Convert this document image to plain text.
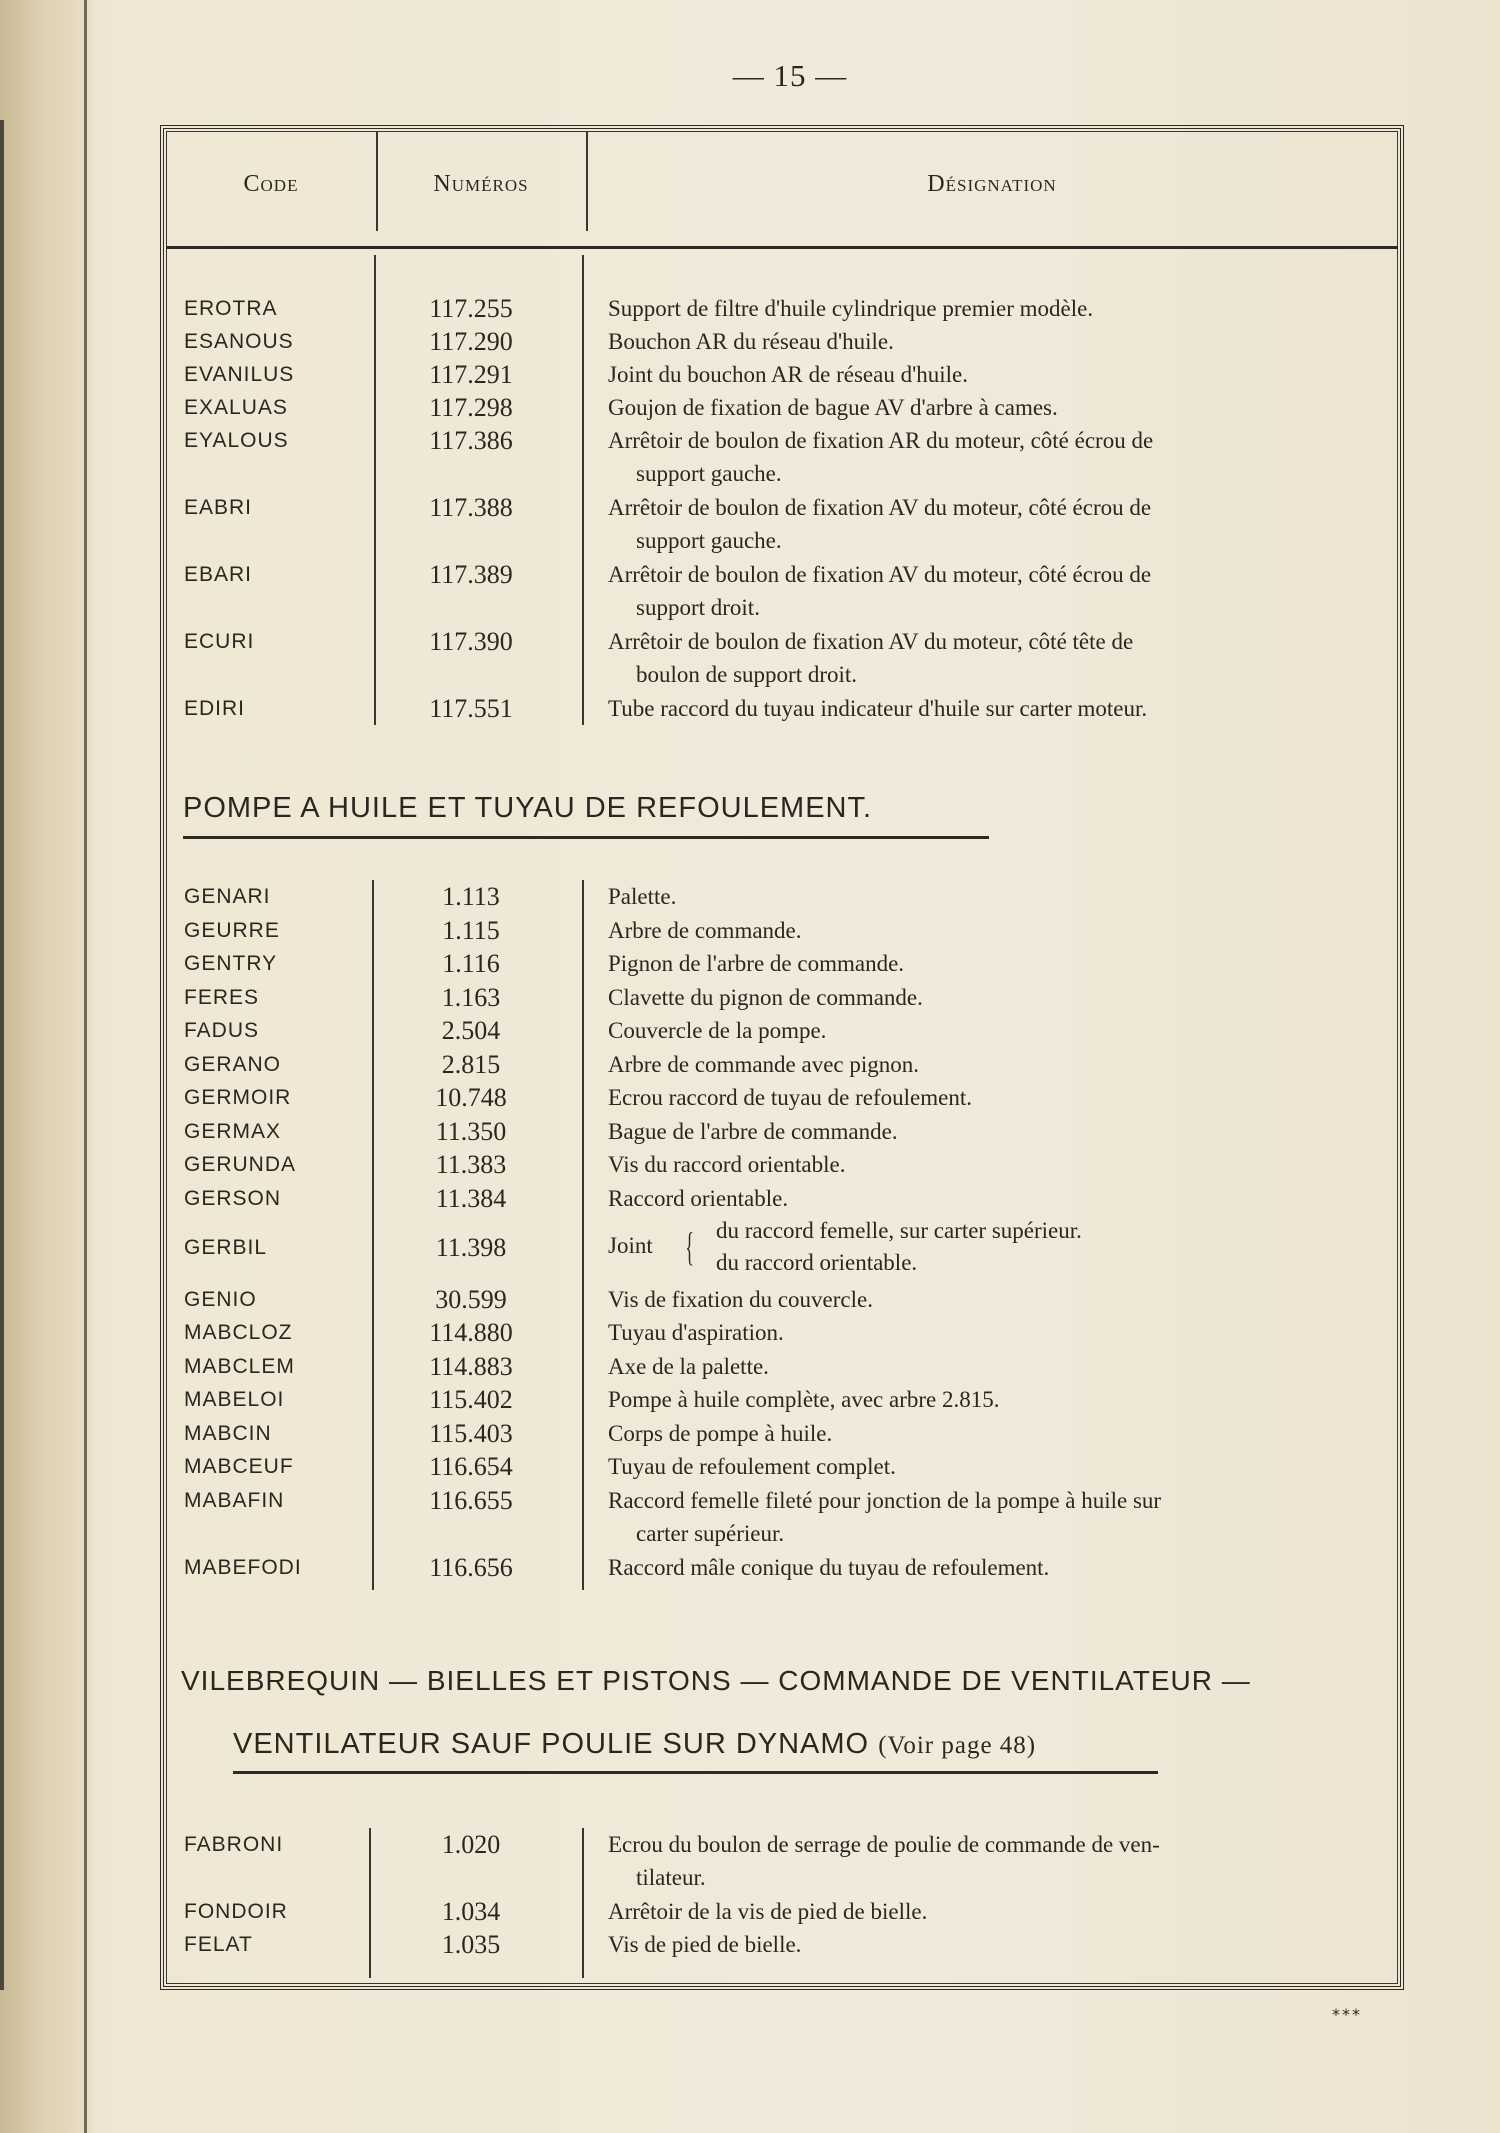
— 15 —
Code	Numéros	Désignation
EROTRA	117.255	Support de filtre d'huile cylindrique premier modèle.
ESANOUS	117.290	Bouchon AR du réseau d'huile.
EVANILUS	117.291	Joint du bouchon AR de réseau d'huile.
EXALUAS	117.298	Goujon de fixation de bague AV d'arbre à cames.
EYALOUS	117.386	Arrêtoir de boulon de fixation AR du moteur, côté écrou de
support gauche.
EABRI	117.388	Arrêtoir de boulon de fixation AV du moteur, côté écrou de
support gauche.
EBARI	117.389	Arrêtoir de boulon de fixation AV du moteur, côté écrou de
support droit.
ECURI	117.390	Arrêtoir de boulon de fixation AV du moteur, côté tête de
boulon de support droit.
EDIRI	117.551	Tube raccord du tuyau indicateur d'huile sur carter moteur.
POMPE A HUILE ET TUYAU DE REFOULEMENT.
GENARI	1.113	Palette.
GEURRE	1.115	Arbre de commande.
GENTRY	1.116	Pignon de l'arbre de commande.
FERES	1.163	Clavette du pignon de commande.
FADUS	2.504	Couvercle de la pompe.
GERANO	2.815	Arbre de commande avec pignon.
GERMOIR	10.748	Ecrou raccord de tuyau de refoulement.
GERMAX	11.350	Bague de l'arbre de commande.
GERUNDA	11.383	Vis du raccord orientable.
GERSON	11.384	Raccord orientable.
GERBIL	11.398	Joint { du raccord femelle, sur carter supérieur.
du raccord orientable.
GENIO	30.599	Vis de fixation du couvercle.
MABCLOZ	114.880	Tuyau d'aspiration.
MABCLEM	114.883	Axe de la palette.
MABELOI	115.402	Pompe à huile complète, avec arbre 2.815.
MABCIN	115.403	Corps de pompe à huile.
MABCEUF	116.654	Tuyau de refoulement complet.
MABAFIN	116.655	Raccord femelle fileté pour jonction de la pompe à huile sur
carter supérieur.
MABEFODI	116.656	Raccord mâle conique du tuyau de refoulement.
VILEBREQUIN — BIELLES ET PISTONS — COMMANDE DE VENTILATEUR —
VENTILATEUR SAUF POULIE SUR DYNAMO (Voir page 48)
FABRONI	1.020	Ecrou du boulon de serrage de poulie de commande de ven-
tilateur.
FONDOIR	1.034	Arrêtoir de la vis de pied de bielle.
FELAT	1.035	Vis de pied de bielle.
***
